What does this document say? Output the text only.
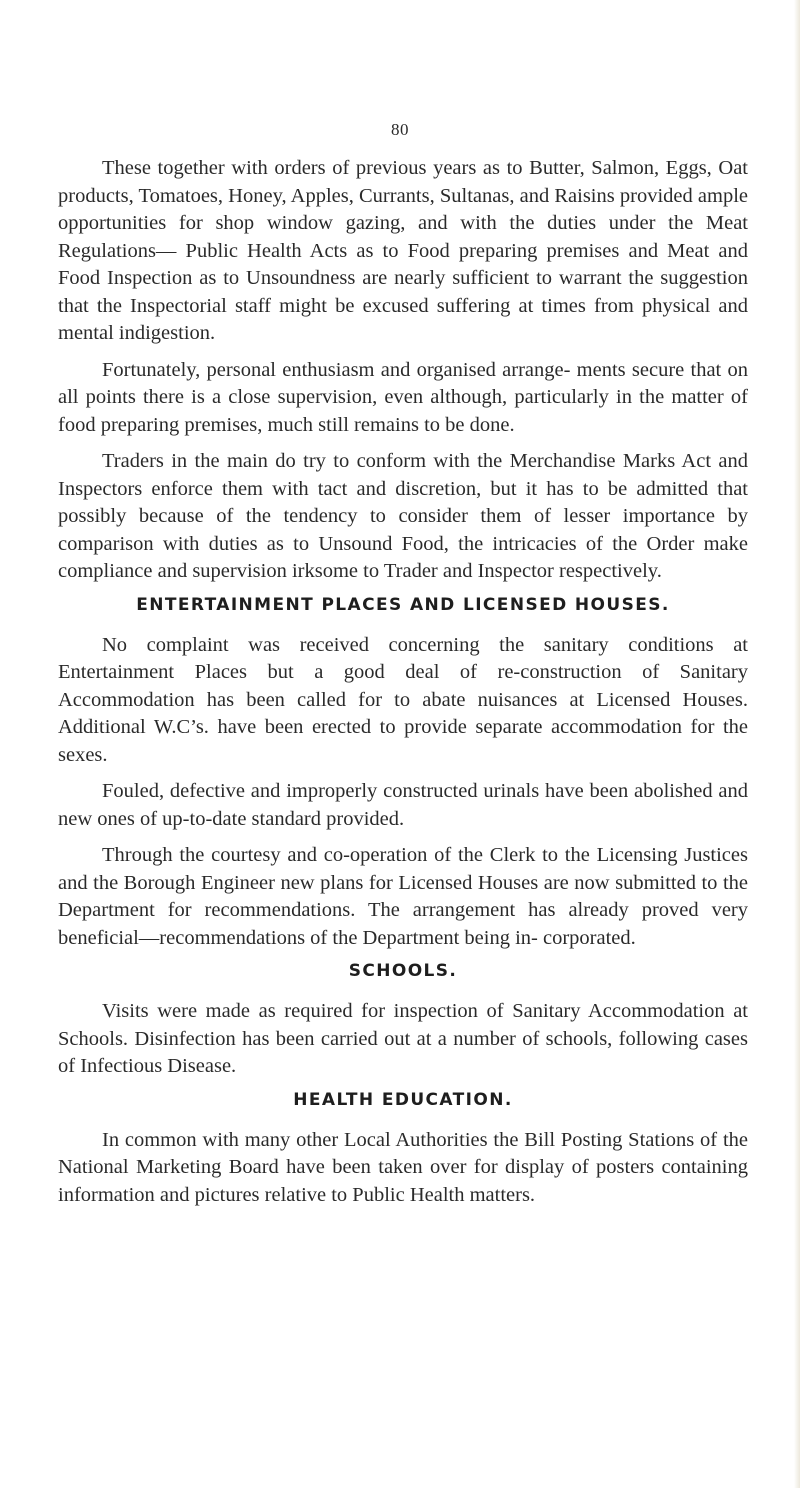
80

These together with orders of previous years as to Butter, Salmon, Eggs, Oat products, Tomatoes, Honey, Apples, Currants, Sultanas, and Raisins provided ample opportunities for shop window gazing, and with the duties under the Meat Regulations— Public Health Acts as to Food preparing premises and Meat and Food Inspection as to Unsoundness are nearly sufficient to warrant the suggestion that the Inspectorial staff might be excused suffering at times from physical and mental indigestion.

Fortunately, personal enthusiasm and organised arrange- ments secure that on all points there is a close supervision, even although, particularly in the matter of food preparing premises, much still remains to be done.

Traders in the main do try to conform with the Merchandise Marks Act and Inspectors enforce them with tact and discretion, but it has to be admitted that possibly because of the tendency to consider them of lesser importance by comparison with duties as to Unsound Food, the intricacies of the Order make compliance and supervision irksome to Trader and Inspector respectively.

ENTERTAINMENT PLACES AND LICENSED HOUSES.

No complaint was received concerning the sanitary conditions at Entertainment Places but a good deal of re-construction of Sanitary Accommodation has been called for to abate nuisances at Licensed Houses. Additional W.C’s. have been erected to provide separate accommodation for the sexes.

Fouled, defective and improperly constructed urinals have been abolished and new ones of up-to-date standard provided.

Through the courtesy and co-operation of the Clerk to the Licensing Justices and the Borough Engineer new plans for Licensed Houses are now submitted to the Department for recommendations. The arrangement has already proved very beneficial—recommendations of the Department being in- corporated.

SCHOOLS.

Visits were made as required for inspection of Sanitary Accommodation at Schools. Disinfection has been carried out at a number of schools, following cases of Infectious Disease.

HEALTH EDUCATION.

In common with many other Local Authorities the Bill Posting Stations of the National Marketing Board have been taken over for display of posters containing information and pictures relative to Public Health matters.
